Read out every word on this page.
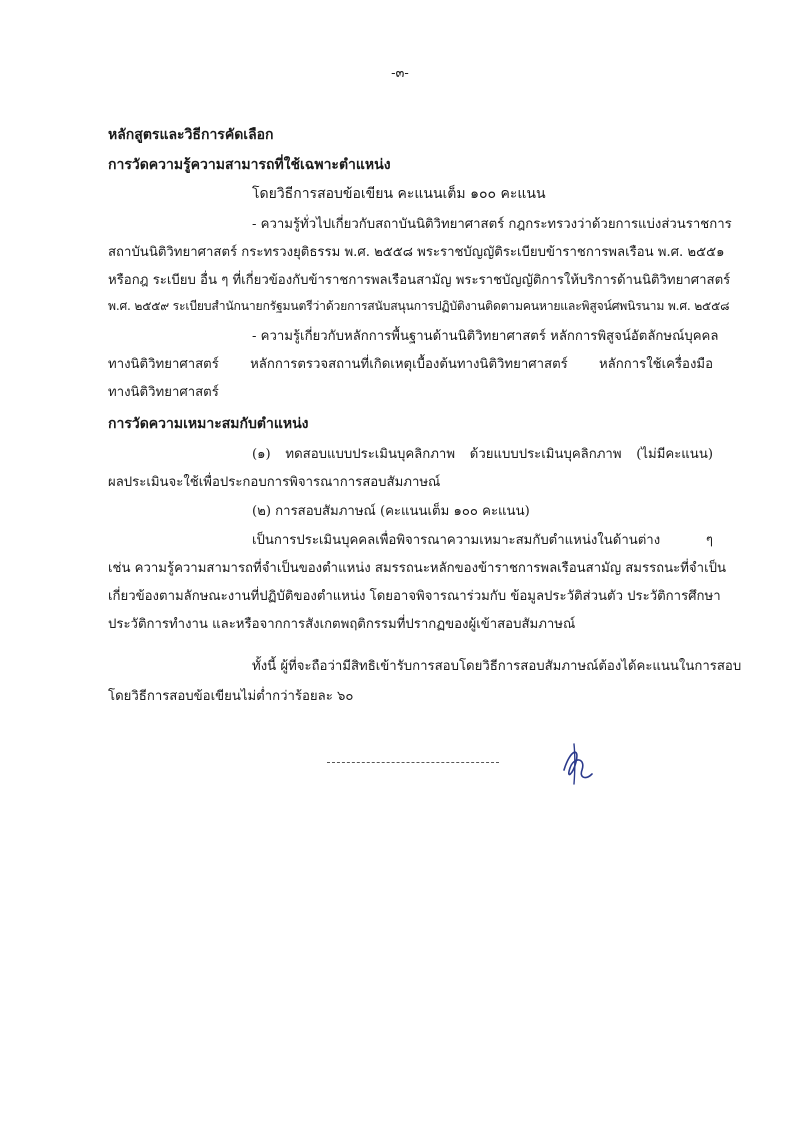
-๓-
หลักสูตรและวิธีการคัดเลือก
การวัดความรู้ความสามารถที่ใช้เฉพาะตำแหน่ง
โดยวิธีการสอบข้อเขียน คะแนนเต็ม ๑๐๐ คะแนน
- ความรู้ทั่วไปเกี่ยวกับสถาบันนิติวิทยาศาสตร์ กฎกระทรวงว่าด้วยการแบ่งส่วนราชการ
สถาบันนิติวิทยาศาสตร์ กระทรวงยุติธรรม พ.ศ. ๒๕๕๘ พระราชบัญญัติระเบียบข้าราชการพลเรือน พ.ศ. ๒๕๕๑
หรือกฎ ระเบียบ อื่น ๆ ที่เกี่ยวข้องกับข้าราชการพลเรือนสามัญ พระราชบัญญัติการให้บริการด้านนิติวิทยาศาสตร์
พ.ศ. ๒๕๕๙ ระเบียบสำนักนายกรัฐมนตรีว่าด้วยการสนับสนุนการปฏิบัติงานติดตามคนหายและพิสูจน์ศพนิรนาม พ.ศ. ๒๕๕๘
- ความรู้เกี่ยวกับหลักการพื้นฐานด้านนิติวิทยาศาสตร์ หลักการพิสูจน์อัตลักษณ์บุคคล
ทางนิติวิทยาศาสตร์ หลักการตรวจสถานที่เกิดเหตุเบื้องต้นทางนิติวิทยาศาสตร์ หลักการใช้เครื่องมือ
ทางนิติวิทยาศาสตร์
การวัดความเหมาะสมกับตำแหน่ง
(๑) ทดสอบแบบประเมินบุคลิกภาพ ด้วยแบบประเมินบุคลิกภาพ (ไม่มีคะแนน)
ผลประเมินจะใช้เพื่อประกอบการพิจารณาการสอบสัมภาษณ์
(๒) การสอบสัมภาษณ์ (คะแนนเต็ม ๑๐๐ คะแนน)
เป็นการประเมินบุคคลเพื่อพิจารณาความเหมาะสมกับตำแหน่งในด้านต่าง ๆ
เช่น ความรู้ความสามารถที่จำเป็นของตำแหน่ง สมรรถนะหลักของข้าราชการพลเรือนสามัญ สมรรถนะที่จำเป็น
เกี่ยวข้องตามลักษณะงานที่ปฏิบัติของตำแหน่ง โดยอาจพิจารณาร่วมกับ ข้อมูลประวัติส่วนตัว ประวัติการศึกษา
ประวัติการทำงาน และหรือจากการสังเกตพฤติกรรมที่ปรากฏของผู้เข้าสอบสัมภาษณ์
ทั้งนี้ ผู้ที่จะถือว่ามีสิทธิเข้ารับการสอบโดยวิธีการสอบสัมภาษณ์ต้องได้คะแนนในการสอบ
โดยวิธีการสอบข้อเขียนไม่ต่ำกว่าร้อยละ ๖๐
